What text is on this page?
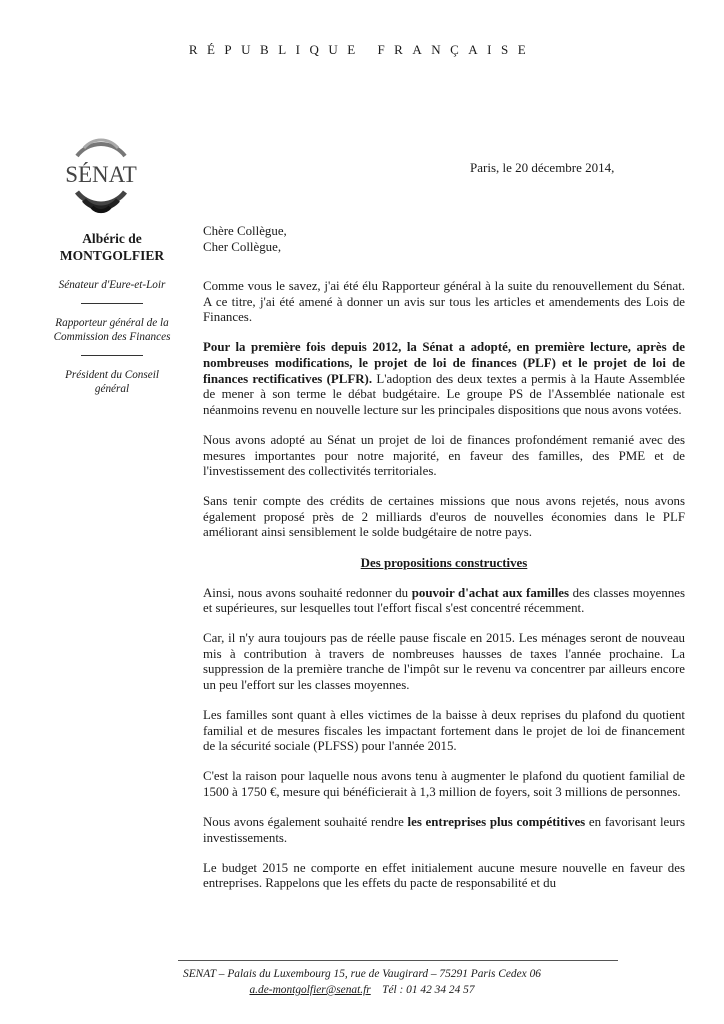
RÉPUBLIQUE FRANÇAISE
SÉNAT
Albéric de
MONTGOLFIER
Sénateur d'Eure-et-Loir
Rapporteur général de la Commission des Finances
Président du Conseil général
Paris, le 20 décembre 2014,

Chère Collègue,

Cher Collègue,

Comme vous le savez, j'ai été élu Rapporteur général à la suite du renouvellement du Sénat. A ce titre, j'ai été amené à donner un avis sur tous les articles et amendements des Lois de Finances.

Pour la première fois depuis 2012, la Sénat a adopté, en première lecture, après de nombreuses modifications, le projet de loi de finances (PLF) et le projet de loi de finances rectificatives (PLFR). L'adoption des deux textes a permis à la Haute Assemblée de mener à son terme le débat budgétaire. Le groupe PS de l'Assemblée nationale est néanmoins revenu en nouvelle lecture sur les principales dispositions que nous avons votées.

Nous avons adopté au Sénat un projet de loi de finances profondément remanié avec des mesures importantes pour notre majorité, en faveur des familles, des PME et de l'investissement des collectivités territoriales.

Sans tenir compte des crédits de certaines missions que nous avons rejetés, nous avons également proposé près de 2 milliards d'euros de nouvelles économies dans le PLF améliorant ainsi sensiblement le solde budgétaire de notre pays.

Des propositions constructives

Ainsi, nous avons souhaité redonner du pouvoir d'achat aux familles des classes moyennes et supérieures, sur lesquelles tout l'effort fiscal s'est concentré récemment.

Car, il n'y aura toujours pas de réelle pause fiscale en 2015. Les ménages seront de nouveau mis à contribution à travers de nombreuses hausses de taxes l'année prochaine. La suppression de la première tranche de l'impôt sur le revenu va concentrer par ailleurs encore un peu l'effort sur les classes moyennes.

Les familles sont quant à elles victimes de la baisse à deux reprises du plafond du quotient familial et de mesures fiscales les impactant fortement dans le projet de loi de financement de la sécurité sociale (PLFSS) pour l'année 2015.

C'est la raison pour laquelle nous avons tenu à augmenter le plafond du quotient familial de 1500 à 1750 €, mesure qui bénéficierait à 1,3 million de foyers, soit 3 millions de personnes.

Nous avons également souhaité rendre les entreprises plus compétitives en favorisant leurs investissements.

Le budget 2015 ne comporte en effet initialement aucune mesure nouvelle en faveur des entreprises. Rappelons que les effets du pacte de responsabilité et du

SENAT – Palais du Luxembourg 15, rue de Vaugirard – 75291 Paris Cedex 06
a.de-montgolfier@senat.fr Tél : 01 42 34 24 57
